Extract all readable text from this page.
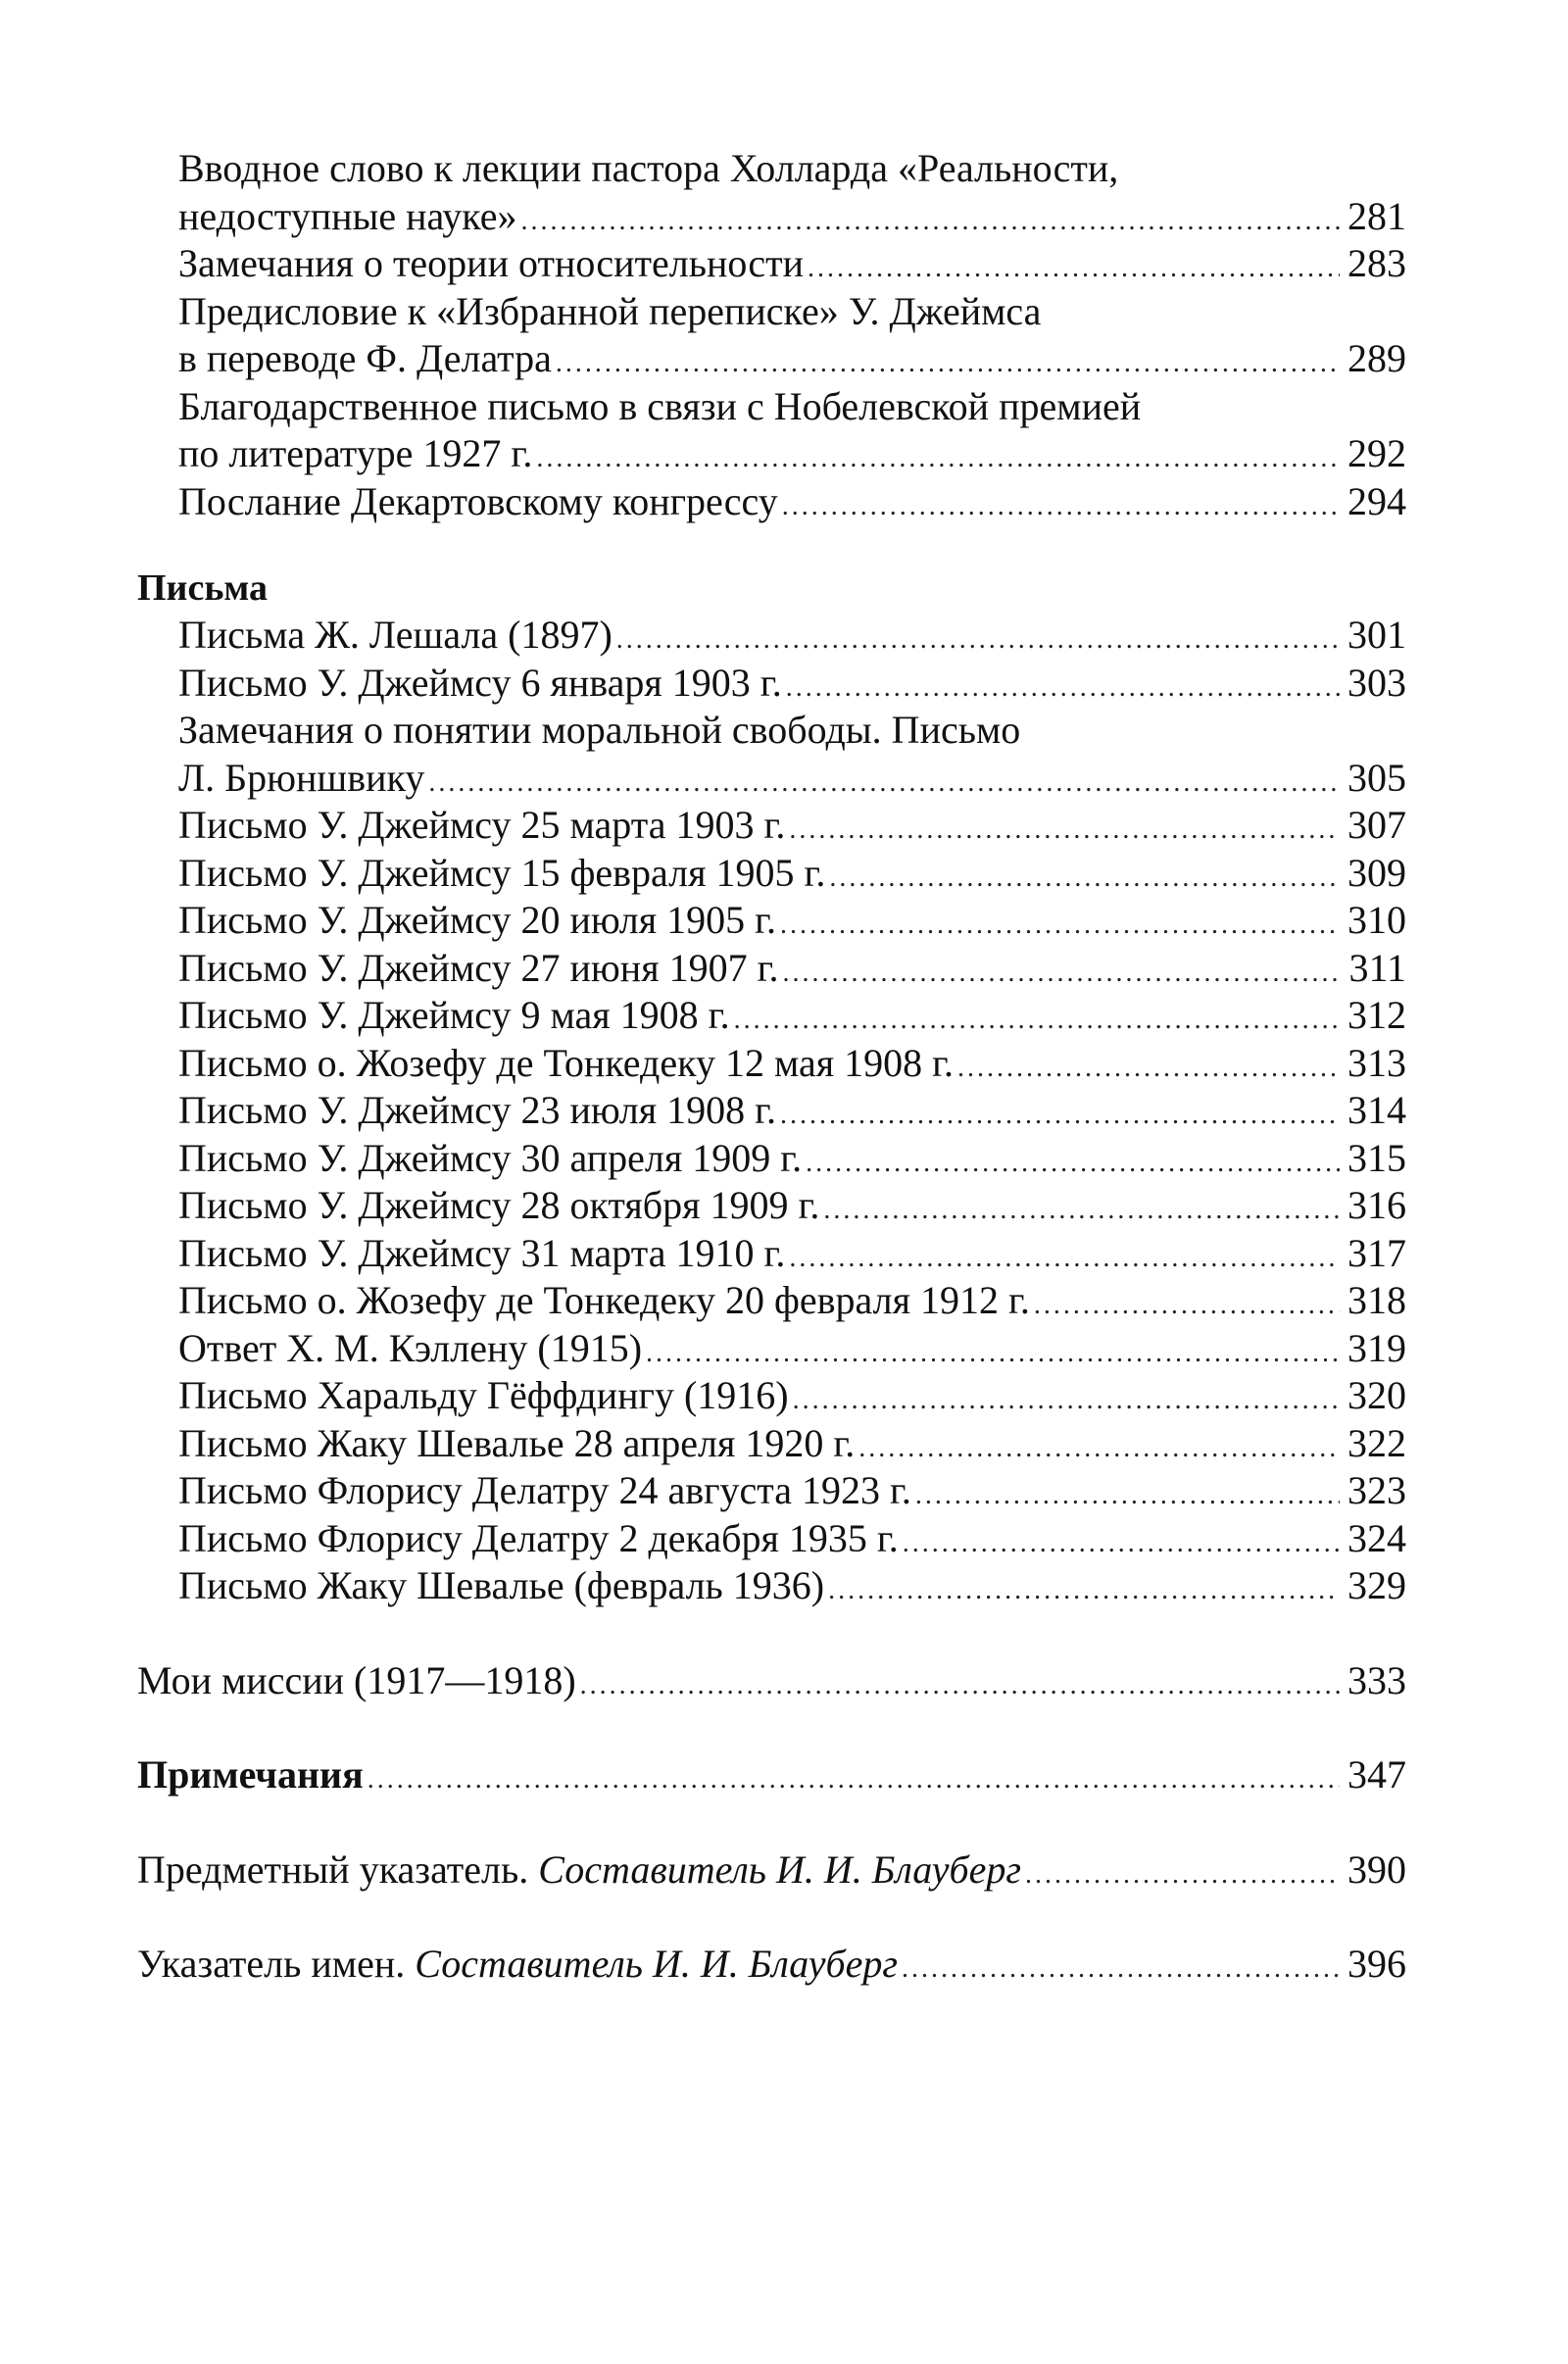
Вводное слово к лекции пастора Холларда «Реальности,
недоступные науке» .....	281
Замечания о теории относительности .....	283
Предисловие к «Избранной переписке» У. Джеймса
в переводе Ф. Делатра .....	289
Благодарственное письмо в связи с Нобелевской премией
по литературе 1927 г. .....	292
Послание Декартовскому конгрессу .....	294
Письма
Письма Ж. Лешала (1897) .....	301
Письмо У. Джеймсу 6 января 1903 г. .....	303
Замечания о понятии моральной свободы. Письмо
Л. Брюншвику .....	305
Письмо У. Джеймсу 25 марта 1903 г. .....	307
Письмо У. Джеймсу 15 февраля 1905 г. .....	309
Письмо У. Джеймсу 20 июля 1905 г. .....	310
Письмо У. Джеймсу 27 июня 1907 г. .....	311
Письмо У. Джеймсу 9 мая 1908 г. .....	312
Письмо о. Жозефу де Тонкедеку 12 мая 1908 г. .....	313
Письмо У. Джеймсу 23 июля 1908 г. .....	314
Письмо У. Джеймсу 30 апреля 1909 г. .....	315
Письмо У. Джеймсу 28 октября 1909 г. .....	316
Письмо У. Джеймсу 31 марта 1910 г. .....	317
Письмо о. Жозефу де Тонкедеку 20 февраля 1912 г. .....	318
Ответ Х. М. Кэллену (1915) .....	319
Письмо Харальду Гёффдингу (1916) .....	320
Письмо Жаку Шевалье 28 апреля 1920 г. .....	322
Письмо Флорису Делатру 24 августа 1923 г. .....	323
Письмо Флорису Делатру 2 декабря 1935 г. .....	324
Письмо Жаку Шевалье (февраль 1936) .....	329
Мои миссии (1917—1918) .....	333
Примечания .....	347
Предметный указатель. Составитель И. И. Блауберг .....	390
Указатель имен. Составитель И. И. Блауберг .....	396
